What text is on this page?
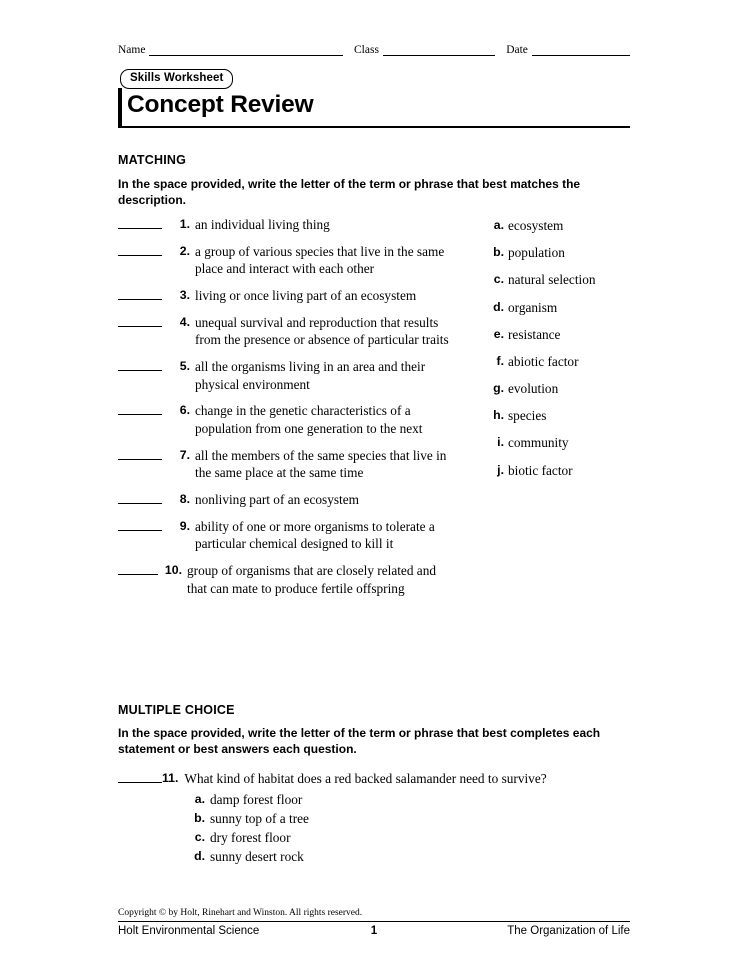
Name	Class	Date
Skills Worksheet
Concept Review
MATCHING
In the space provided, write the letter of the term or phrase that best matches the description.
1. an individual living thing
2. a group of various species that live in the same place and interact with each other
3. living or once living part of an ecosystem
4. unequal survival and reproduction that results from the presence or absence of particular traits
5. all the organisms living in an area and their physical environment
6. change in the genetic characteristics of a population from one generation to the next
7. all the members of the same species that live in the same place at the same time
8. nonliving part of an ecosystem
9. ability of one or more organisms to tolerate a particular chemical designed to kill it
10. group of organisms that are closely related and that can mate to produce fertile offspring
a. ecosystem
b. population
c. natural selection
d. organism
e. resistance
f. abiotic factor
g. evolution
h. species
i. community
j. biotic factor
MULTIPLE CHOICE
In the space provided, write the letter of the term or phrase that best completes each statement or best answers each question.
11. What kind of habitat does a red backed salamander need to survive?
a. damp forest floor
b. sunny top of a tree
c. dry forest floor
d. sunny desert rock
Copyright © by Holt, Rinehart and Winston. All rights reserved.
Holt Environmental Science	1	The Organization of Life
